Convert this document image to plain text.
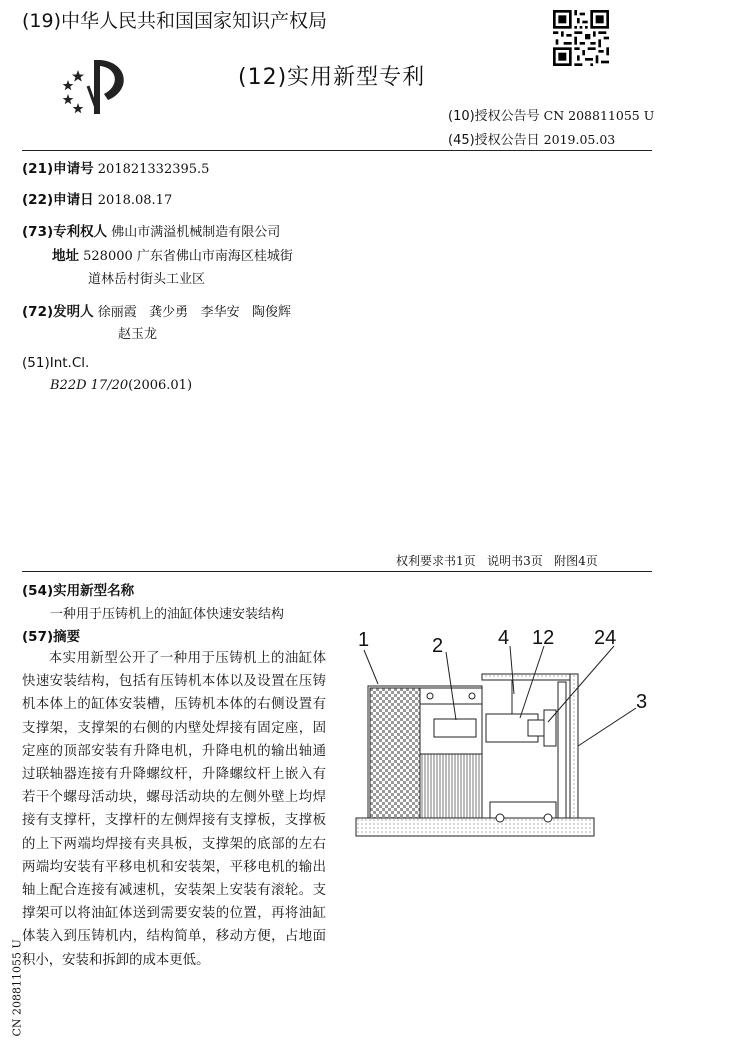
(19)中华人民共和国国家知识产权局
(12)实用新型专利
(10)授权公告号 CN 208811055 U
(45)授权公告日 2019.05.03
(21)申请号 201821332395.5
(22)申请日 2018.08.17
(73)专利权人 佛山市满溢机械制造有限公司
地址 528000 广东省佛山市南海区桂城街
道林岳村街头工业区
(72)发明人 徐丽霞   龚少勇   李华安   陶俊辉
赵玉龙
(51)Int.Cl.
B22D 17/20(2006.01)
权利要求书1页   说明书3页   附图4页
(54)实用新型名称
一种用于压铸机上的油缸体快速安装结构
(57)摘要

本实用新型公开了一种用于压铸机上的油缸体快速安装结构，包括有压铸机本体以及设置在压铸机本体上的缸体安装槽，压铸机本体的右侧设置有支撑架，支撑架的右侧的内壁处焊接有固定座，固定座的顶部安装有升降电机，升降电机的输出轴通过联轴器连接有升降螺纹杆，升降螺纹杆上嵌入有若干个螺母活动块，螺母活动块的左侧外壁上均焊接有支撑杆，支撑杆的左侧焊接有支撑板，支撑板的上下两端均焊接有夹具板，支撑架的底部的左右两端均安装有平移电机和安装架，平移电机的输出轴上配合连接有减速机，安装架上安装有滚轮。支撑架可以将油缸体送到需要安装的位置，再将油缸体装入到压铸机内，结构简单，移动方便，占地面积小，安装和拆卸的成本更低。

1	2	4 12 24
3
CN 208811055 U
